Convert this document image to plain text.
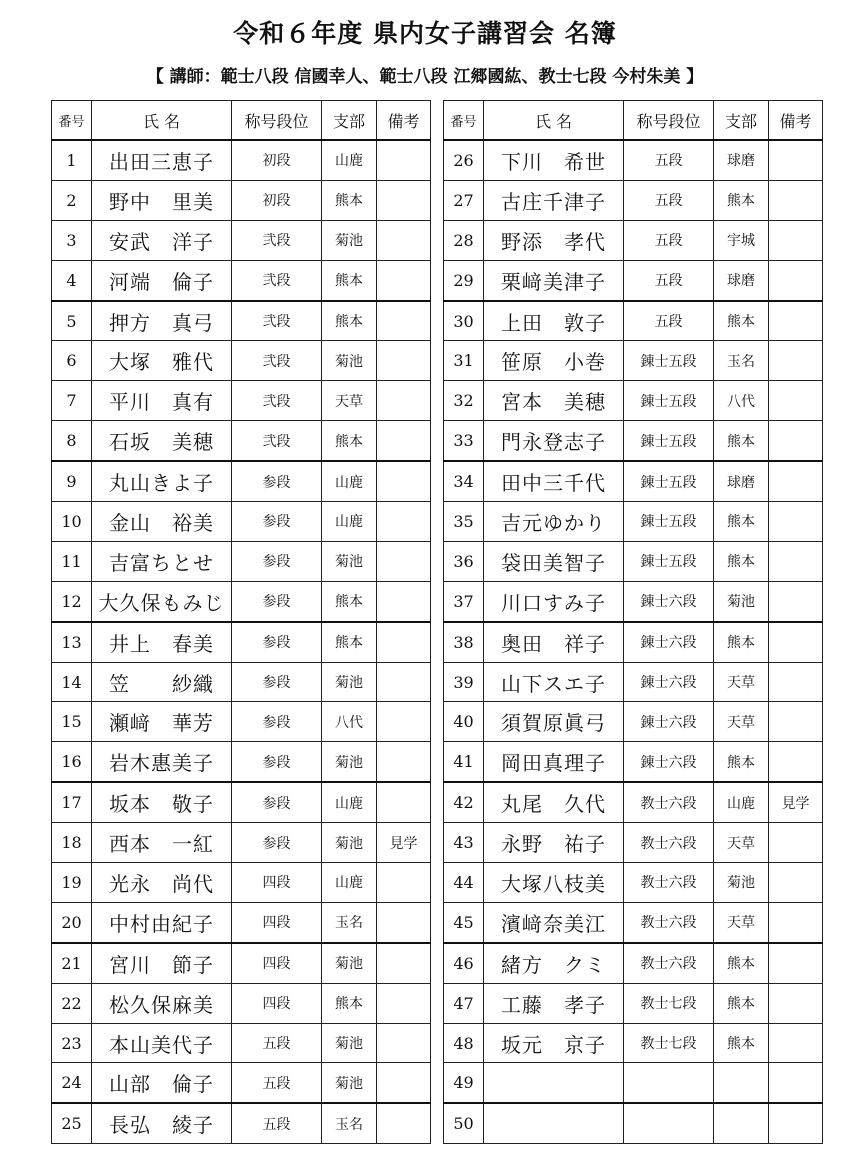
令和６年度 県内女子講習会 名簿
【 講師：範士八段 信國幸人、範士八段 江郷國紘、教士七段 今村朱美 】
番号	氏 名	称号段位	支部	備考
1	出田三恵子	初段	山鹿	
2	野中　里美	初段	熊本	
3	安武　洋子	弐段	菊池	
4	河端　倫子	弐段	熊本	
5	押方　真弓	弐段	熊本	
6	大塚　雅代	弐段	菊池	
7	平川　真有	弐段	天草	
8	石坂　美穂	弐段	熊本	
9	丸山きよ子	参段	山鹿	
10	金山　裕美	参段	山鹿	
11	吉富ちとせ	参段	菊池	
12	大久保もみじ	参段	熊本	
13	井上　春美	参段	熊本	
14	笠　　紗織	参段	菊池	
15	瀬﨑　華芳	参段	八代	
16	岩木惠美子	参段	菊池	
17	坂本　敬子	参段	山鹿	
18	西本　一紅	参段	菊池	見学
19	光永　尚代	四段	山鹿	
20	中村由紀子	四段	玉名	
21	宮川　節子	四段	菊池	
22	松久保麻美	四段	熊本	
23	本山美代子	五段	菊池	
24	山部　倫子	五段	菊池	
25	長弘　綾子	五段	玉名	
番号	氏 名	称号段位	支部	備考
26	下川　希世	五段	球磨	
27	古庄千津子	五段	熊本	
28	野添　孝代	五段	宇城	
29	栗﨑美津子	五段	球磨	
30	上田　敦子	五段	熊本	
31	笹原　小巻	錬士五段	玉名	
32	宮本　美穂	錬士五段	八代	
33	門永登志子	錬士五段	熊本	
34	田中三千代	錬士五段	球磨	
35	吉元ゆかり	錬士五段	熊本	
36	袋田美智子	錬士五段	熊本	
37	川口すみ子	錬士六段	菊池	
38	奥田　祥子	錬士六段	熊本	
39	山下スエ子	錬士六段	天草	
40	須賀原眞弓	錬士六段	天草	
41	岡田真理子	錬士六段	熊本	
42	丸尾　久代	教士六段	山鹿	見学
43	永野　祐子	教士六段	天草	
44	大塚八枝美	教士六段	菊池	
45	濱﨑奈美江	教士六段	天草	
46	緒方　クミ	教士六段	熊本	
47	工藤　孝子	教士七段	熊本	
48	坂元　京子	教士七段	熊本	
49				
50				
